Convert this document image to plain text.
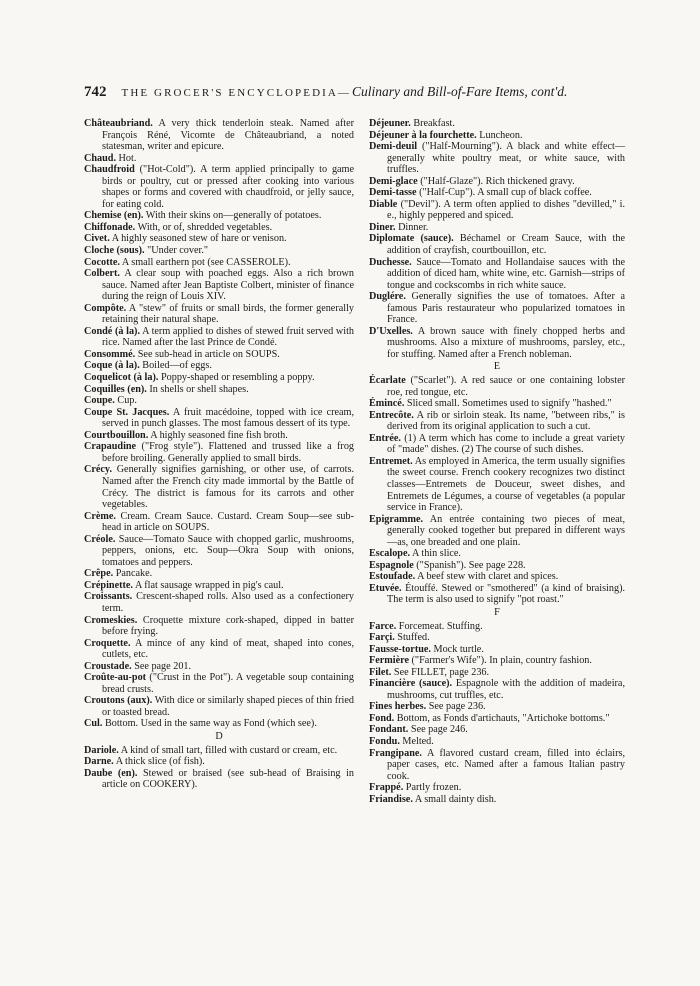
742 THE GROCER'S ENCYCLOPEDIA— Culinary and Bill-of-Fare Items, cont'd.

Châteaubriand. A very thick tenderloin steak. Named after François Réné, Vicomte de Châteaubriand, a noted statesman, writer and epicure.

Chaud. Hot.

Chaudfroid ("Hot-Cold"). A term applied principally to game birds or poultry, cut or pressed after cooking into various shapes or forms and covered with chaudfroid, or jelly sauce, for eating cold.

Chemise (en). With their skins on—generally of potatoes.

Chiffonade. With, or of, shredded vegetables.

Civet. A highly seasoned stew of hare or venison.

Cloche (sous). "Under cover."

Cocotte. A small earthern pot (see CASSEROLE).

Colbert. A clear soup with poached eggs. Also a rich brown sauce. Named after Jean Baptiste Colbert, minister of finance during the reign of Louis XIV.

Compôte. A "stew" of fruits or small birds, the former generally retaining their natural shape.

Condé (à la). A term applied to dishes of stewed fruit served with rice. Named after the last Prince de Condé.

Consommé. See sub-head in article on SOUPS.

Coque (à la). Boiled—of eggs.

Coquelicot (à la). Poppy-shaped or resembling a poppy.

Coquilles (en). In shells or shell shapes.

Coupe. Cup.

Coupe St. Jacques. A fruit macédoine, topped with ice cream, served in punch glasses. The most famous dessert of its type.

Courtbouillon. A highly seasoned fine fish broth.

Crapaudine ("Frog style"). Flattened and trussed like a frog before broiling. Generally applied to small birds.

Crécy. Generally signifies garnishing, or other use, of carrots. Named after the French city made immortal by the Battle of Crécy. The district is famous for its carrots and other vegetables.

Crème. Cream. Cream Sauce. Custard. Cream Soup—see sub-head in article on SOUPS.

Créole. Sauce—Tomato Sauce with chopped garlic, mushrooms, peppers, onions, etc. Soup—Okra Soup with onions, tomatoes and peppers.

Crêpe. Pancake.

Crépinette. A flat sausage wrapped in pig's caul.

Croissants. Crescent-shaped rolls. Also used as a confectionery term.

Cromeskies. Croquette mixture cork-shaped, dipped in batter before frying.

Croquette. A mince of any kind of meat, shaped into cones, cutlets, etc.

Croustade. See page 201.

Croûte-au-pot ("Crust in the Pot"). A vegetable soup containing bread crusts.

Croutons (aux). With dice or similarly shaped pieces of thin fried or toasted bread.

Cul. Bottom. Used in the same way as Fond (which see).

D

Dariole. A kind of small tart, filled with custard or cream, etc.

Darne. A thick slice (of fish).

Daube (en). Stewed or braised (see sub-head of Braising in article on COOKERY).

Déjeuner. Breakfast.

Déjeuner à la fourchette. Luncheon.

Demi-deuil ("Half-Mourning"). A black and white effect—generally white poultry meat, or white sauce, with truffles.

Demi-glace ("Half-Glaze"). Rich thickened gravy.

Demi-tasse ("Half-Cup"). A small cup of black coffee.

Diable ("Devil"). A term often applied to dishes "devilled," i. e., highly peppered and spiced.

Diner. Dinner.

Diplomate (sauce). Béchamel or Cream Sauce, with the addition of crayfish, courtbouillon, etc.

Duchesse. Sauce—Tomato and Hollandaise sauces with the addition of diced ham, white wine, etc. Garnish—strips of tongue and cockscombs in rich white sauce.

Duglére. Generally signifies the use of tomatoes. After a famous Paris restaurateur who popularized tomatoes in France.

D'Uxelles. A brown sauce with finely chopped herbs and mushrooms. Also a mixture of mushrooms, parsley, etc., for stuffing. Named after a French nobleman.

E

Écarlate ("Scarlet"). A red sauce or one containing lobster roe, red tongue, etc.

Émincé. Sliced small. Sometimes used to signify "hashed."

Entrecôte. A rib or sirloin steak. Its name, "between ribs," is derived from its original application to such a cut.

Entrée. (1) A term which has come to include a great variety of "made" dishes. (2) The course of such dishes.

Entremet. As employed in America, the term usually signifies the sweet course. French cookery recognizes two distinct classes—Entremets de Douceur, sweet dishes, and Entremets de Légumes, a course of vegetables (a popular service in France).

Epigramme. An entrée containing two pieces of meat, generally cooked together but prepared in different ways—as, one breaded and one plain.

Escalope. A thin slice.

Espagnole ("Spanish"). See page 228.

Estoufade. A beef stew with claret and spices.

Etuvée. Étouffé. Stewed or "smothered" (a kind of braising). The term is also used to signify "pot roast."

F

Farce. Forcemeat. Stuffing.

Farçi. Stuffed.

Fausse-tortue. Mock turtle.

Fermière ("Farmer's Wife"). In plain, country fashion.

Filet. See FILLET, page 236.

Financière (sauce). Espagnole with the addition of madeira, mushrooms, cut truffles, etc.

Fines herbes. See page 236.

Fond. Bottom, as Fonds d'artichauts, "Artichoke bottoms."

Fondant. See page 246.

Fondu. Melted.

Frangipane. A flavored custard cream, filled into éclairs, paper cases, etc. Named after a famous Italian pastry cook.

Frappé. Partly frozen.

Friandise. A small dainty dish.
